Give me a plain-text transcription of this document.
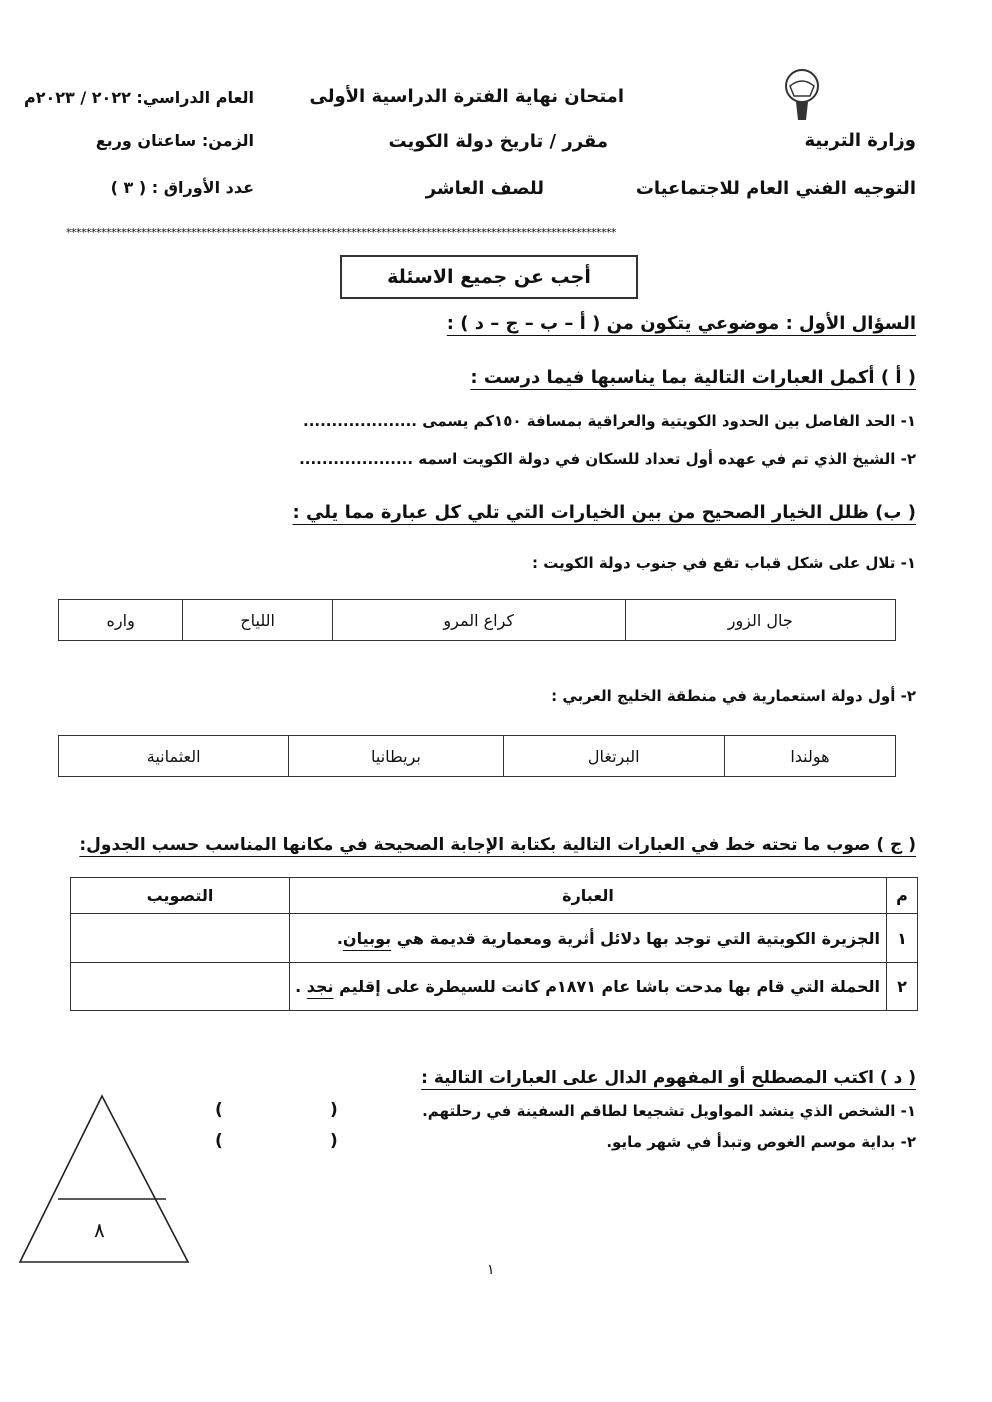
وزارة التربية
التوجيه الفني العام للاجتماعيات
امتحان نهاية الفترة الدراسية الأولى
مقرر / تاريخ دولة الكويت
للصف العاشر
العام الدراسي: ٢٠٢٢ / ٢٠٢٣م
الزمن: ساعتان وربع
عدد الأوراق : ( ٣ )
**************************************************************************************************************
أجب عن جميع الاسئلة
السؤال الأول : موضوعي يتكون من ( أ – ب – ج – د ) :
( أ ) أكمل العبارات التالية بما يناسبها فيما درست :
١- الحد الفاصل بين الحدود الكويتية والعراقية بمسافة ١٥٠كم يسمى ....................
٢- الشيخ الذي تم في عهده أول تعداد للسكان في دولة الكويت اسمه ....................
( ب) ظلل الخيار الصحيح من بين الخيارات التي تلي كل عبارة مما يلي :
١- تلال على شكل قباب تقع في جنوب دولة الكويت :
جال الزور	كراع المرو	اللياح	واره
٢- أول دولة استعمارية في منطقة الخليج العربي :
هولندا	البرتغال	بريطانيا	العثمانية
( ج ) صوب ما تحته خط في العبارات التالية بكتابة الإجابة الصحيحة في مكانها المناسب حسب الجدول:
م	العبارة	التصويب
١	الجزيرة الكويتية التي توجد بها دلائل أثرية ومعمارية قديمة هي بوبيان.	
٢	الحملة التي قام بها مدحت باشا عام ١٨٧١م كانت للسيطرة على إقليم نجد .	
( د ) اكتب المصطلح أو المفهوم الدال على العبارات التالية :
١- الشخص الذي ينشد المواويل تشجيعا لطاقم السفينة في رحلتهم.
٢- بداية موسم الغوص وتبدأ في شهر مايو.
(
)
(
)
٨
١
